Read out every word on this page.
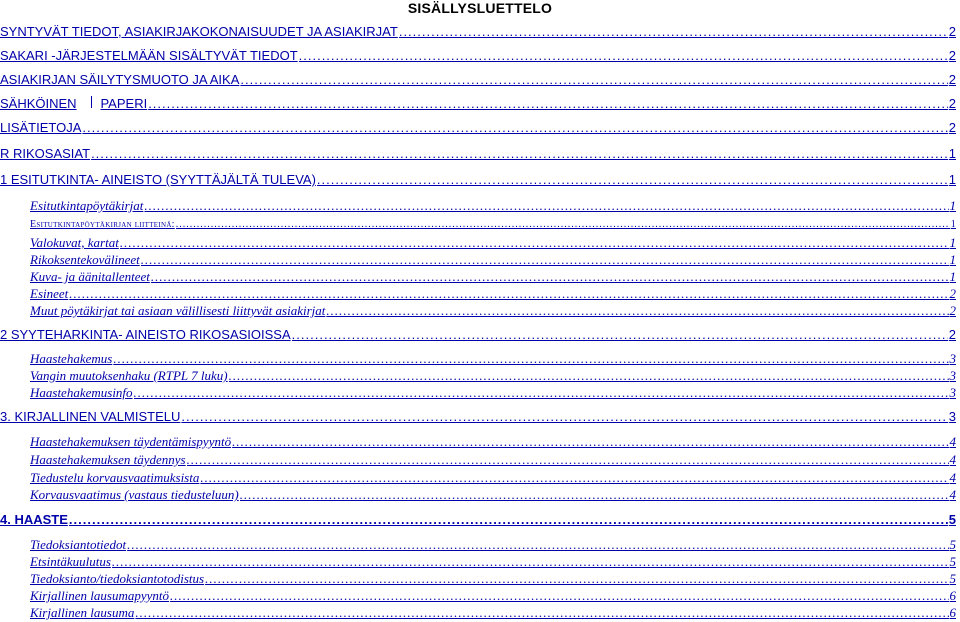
SISÄLLYSLUETTELO
SYNTYVÄT TIEDOT, ASIAKIRJAKOKONAISUUDET JA ASIAKIRJAT .....	2
SAKARI -JÄRJESTELMÄÄN SISÄLTYVÄT TIEDOT .....	2
ASIAKIRJAN SÄILYTYSMUOTO JA AIKA .....	2
SÄHKÖINEN PAPERI .....	2
LISÄTIETOJA .....	2
R RIKOSASIAT .....	1
1 ESITUTKINTA- AINEISTO (SYYTTÄJÄLTÄ TULEVA) .....	1
Esitutkintapöytäkirjat .....	1
Esitutkintapöytäkirjan liitteinä: .....	1
Valokuvat, kartat .....	1
Rikoksentekovälineet .....	1
Kuva- ja äänitallenteet .....	1
Esineet .....	2
Muut pöytäkirjat tai asiaan välillisesti liittyvät asiakirjat .....	2
2 SYYTEHARKINTA- AINEISTO RIKOSASIOISSA .....	2
Haastehakemus .....	3
Vangin muutoksenhaku (RTPL 7 luku) .....	3
Haastehakemusinfo .....	3
3. KIRJALLINEN VALMISTELU .....	3
Haastehakemuksen täydentämispyyntö .....	4
Haastehakemuksen täydennys .....	4
Tiedustelu korvausvaatimuksista .....	4
Korvausvaatimus (vastaus tiedusteluun) .....	4
4. HAASTE .....	5
Tiedoksiantotiedot .....	5
Etsintäkuulutus .....	5
Tiedoksianto/tiedoksiantotodistus .....	5
Kirjallinen lausumapyyntö .....	6
Kirjallinen lausuma .....	6
